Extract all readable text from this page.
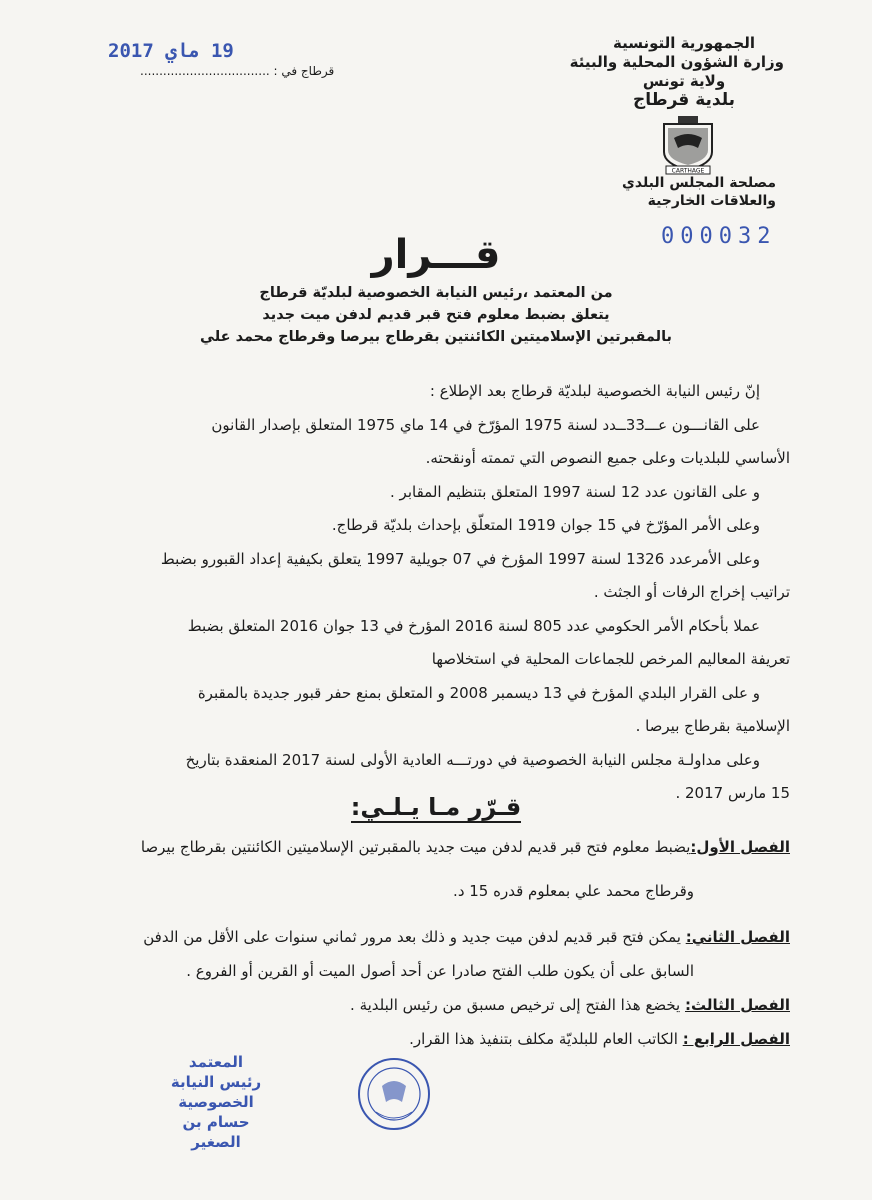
الجمهورية التونسية
وزارة الشؤون المحلية والبيئة
ولاية تونس
بلدية قرطاج
CARTHAGE
مصلحة المجلس البلدي
والعلاقات الخارجية
19 ماي 2017
قرطاج في : ..................................
000032
قـــرار
من المعتمد ،رئيس النيابة الخصوصية لبلديّة قرطاج
يتعلق بضبط معلوم فتح قبر قديم لدفن ميت جديد
بالمقبرتين الإسلاميتين الكائنتين بقرطاج بيرصا وقرطاج محمد علي

إنّ رئيس النيابة الخصوصية لبلديّة قرطاج بعد الإطلاع :

على القانـــون عـــ33ــدد لسنة 1975 المؤرّخ في 14 ماي 1975 المتعلق بإصدار القانون

الأساسي للبلديات وعلى جميع النصوص التي تممته أونقحته.

و على القانون عدد 12 لسنة 1997 المتعلق بتنظيم المقابر .

وعلى الأمر المؤرّخ في 15 جوان 1919 المتعلّق بإحداث بلديّة قرطاج.

وعلى الأمرعدد 1326 لسنة 1997 المؤرخ في 07 جويلية 1997 يتعلق بكيفية إعداد القبورو بضبط

تراتيب إخراج الرفات أو الجثث .

عملا بأحكام الأمر الحكومي عدد 805 لسنة 2016 المؤرخ في 13 جوان 2016 المتعلق بضبط

تعريفة المعاليم المرخص للجماعات المحلية في استخلاصها

و على القرار البلدي المؤرخ في 13 ديسمبر 2008 و المتعلق بمنع حفر قبور جديدة بالمقبرة

الإسلامية بقرطاج بيرصا .

وعلى مداولـة مجلس النيابة الخصوصية في دورتـــه العادية الأولى لسنة 2017 المنعقدة بتاريخ

15 مارس 2017 .

قـرّر مـا يـلـي:

الفصل الأول:يضبط معلوم فتح قبر قديم لدفن ميت جديد بالمقبرتين الإسلاميتين الكائنتين بقرطاج بيرصا

وقرطاج محمد علي بمعلوم قدره 15 د.

الفصل الثاني: يمكن فتح قبر قديم لدفن ميت جديد و ذلك بعد مرور ثماني سنوات على الأقل من الدفن

السابق على أن يكون طلب الفتح صادرا عن أحد أصول الميت أو القرين أو الفروع .

الفصل الثالث: يخضع هذا الفتح إلى ترخيص مسبق من رئيس البلدية .

الفصل الرابع : الكاتب العام للبلديّة مكلف بتنفيذ هذا القرار.

المعتمد
رئيس النيابة الخصوصية
حسام بن الصغير
